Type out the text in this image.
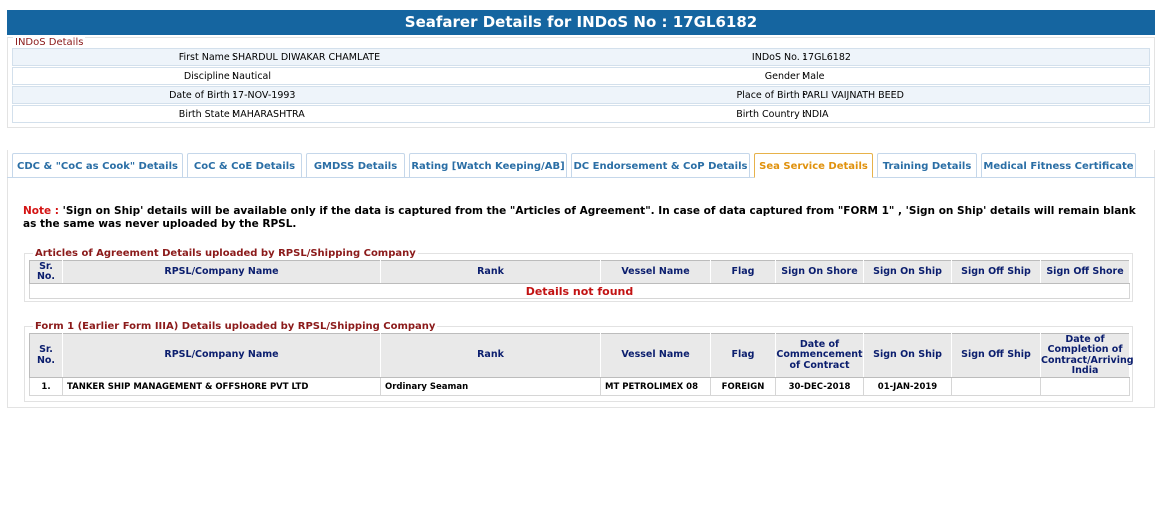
Seafarer Details for INDoS No : 17GL6182
INDoS Details
First Name :
SHARDUL DIWAKAR CHAMLATE	INDoS No. :
17GL6182
Discipline :
Nautical	Gender :
Male
Date of Birth :
17-NOV-1993	Place of Birth :
PARLI VAIJNATH BEED
Birth State :
MAHARASHTRA	Birth Country :
INDIA
CDC & "CoC as Cook" Details	CoC & CoE Details	GMDSS Details	Rating [Watch Keeping/AB] DC Endorsement & CoP Details	Sea Service Details	Training Details	Medical Fitness Certificate
Note : 'Sign on Ship' details will be available only if the data is captured from the "Articles of Agreement". In case of data captured from "FORM 1" , 'Sign on Ship' details will remain blank as the same was never uploaded by the RPSL.
Articles of Agreement Details uploaded by RPSL/Shipping Company
Sr. No.	RPSL/Company Name	Rank	Vessel Name	Flag	Sign On Shore	Sign On Ship	Sign Off Ship	Sign Off Shore
Details not found
Form 1 (Earlier Form IIIA) Details uploaded by RPSL/Shipping Company
Sr. No.	RPSL/Company Name	Rank	Vessel Name	Flag	Date of Commencement of Contract	Sign On Ship	Sign Off Ship	Date of Completion of Contract/Arriving India
1.	TANKER SHIP MANAGEMENT & OFFSHORE PVT LTD	Ordinary Seaman	MT PETROLIMEX 08	FOREIGN	30-DEC-2018	01-JAN-2019		
